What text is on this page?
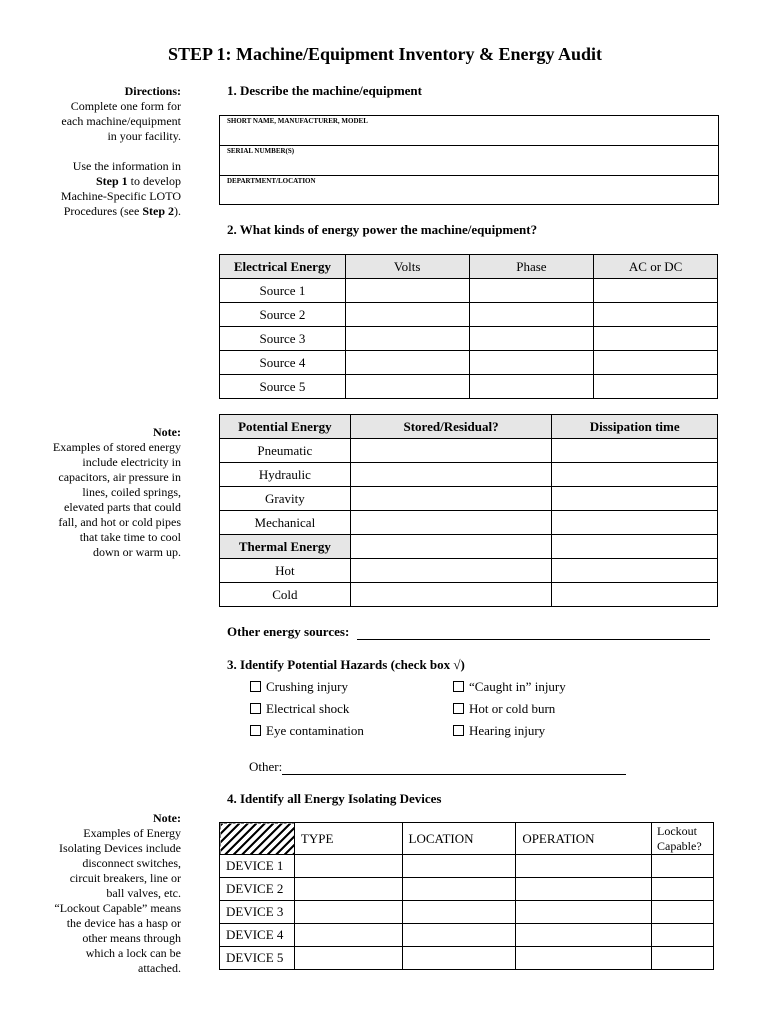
STEP 1: Machine/Equipment Inventory & Energy Audit
Directions:
Complete one form for
each machine/equipment
in your facility.
Use the information in
Step 1 to develop
Machine-Specific LOTO
Procedures (see Step 2).
Note:
Examples of stored energy
include electricity in
capacitors, air pressure in
lines, coiled springs,
elevated parts that could
fall, and hot or cold pipes
that take time to cool
down or warm up.
Note:
Examples of Energy
Isolating Devices include
disconnect switches,
circuit breakers, line or
ball valves, etc.
“Lockout Capable” means
the device has a hasp or
other means through
which a lock can be
attached.
1. Describe the machine/equipment
SHORT NAME, MANUFACTURER, MODEL
SERIAL NUMBER(S)
DEPARTMENT/LOCATION
2. What kinds of energy power the machine/equipment?
Electrical Energy	Volts	Phase	AC or DC
Source 1			
Source 2			
Source 3			
Source 4			
Source 5			
Potential Energy	Stored/Residual?	Dissipation time
Pneumatic		
Hydraulic		
Gravity		
Mechanical		
Thermal Energy		
Hot		
Cold		
Other energy sources:
3. Identify Potential Hazards (check box √)
Crushing injury
Electrical shock
Eye contamination
“Caught in” injury
Hot or cold burn
Hearing injury
Other:
4. Identify all Energy Isolating Devices
	TYPE	LOCATION	OPERATION	Lockout Capable?
DEVICE 1				
DEVICE 2				
DEVICE 3				
DEVICE 4				
DEVICE 5				
